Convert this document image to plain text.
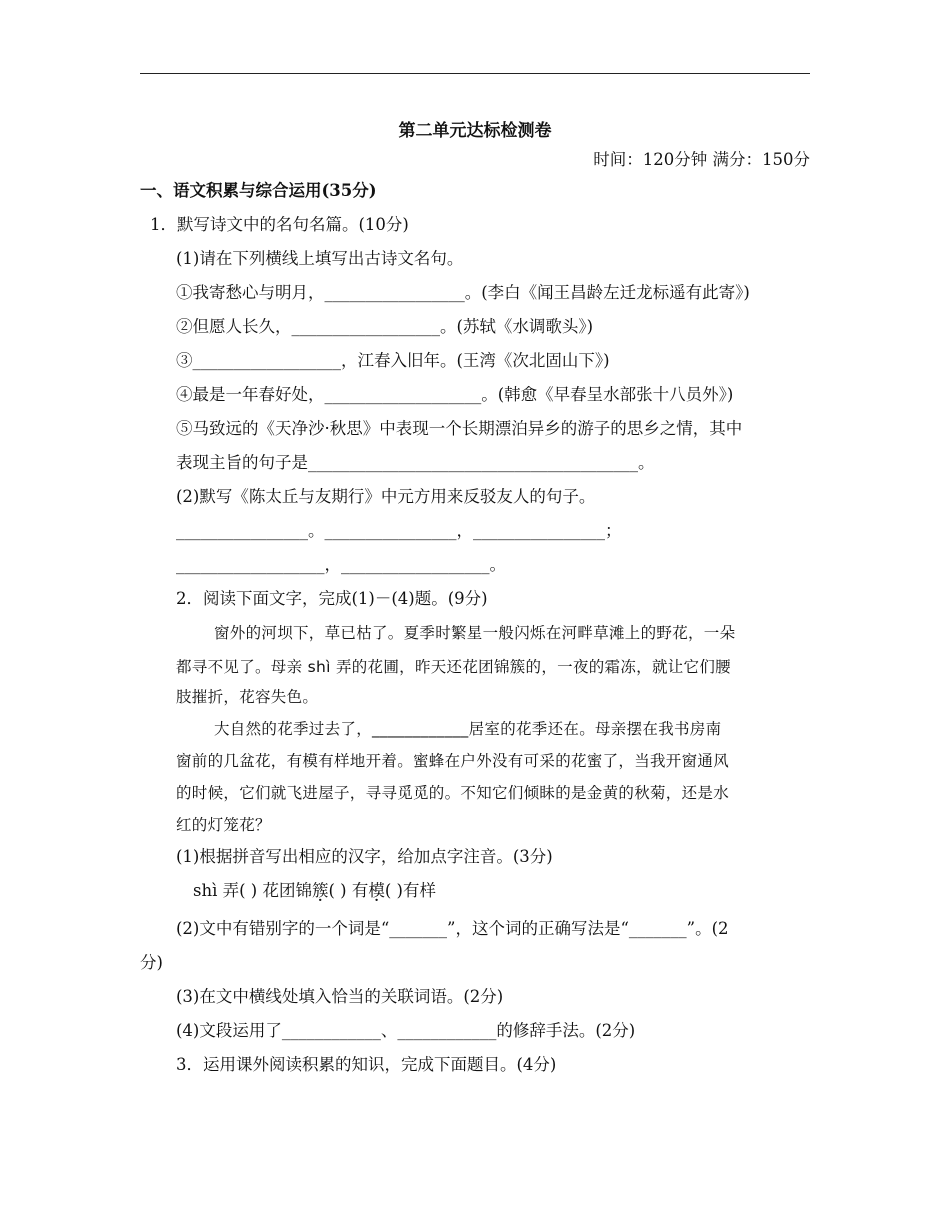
第二单元达标检测卷
时间：120分钟 满分：150分
一、语文积累与综合运用(35分)
1．默写诗文中的名句名篇。(10分)
(1)请在下列横线上填写出古诗文名句。
①我寄愁心与明月，_________________。(李白《闻王昌龄左迁龙标遥有此寄》)
②但愿人长久，__________________。(苏轼《水调歌头》)
③__________________，江春入旧年。(王湾《次北固山下》)
④最是一年春好处，___________________。(韩愈《早春呈水部张十八员外》)
⑤马致远的《天净沙·秋思》中表现一个长期漂泊异乡的游子的思乡之情，其中
表现主旨的句子是________________________________________。
(2)默写《陈太丘与友期行》中元方用来反驳友人的句子。
________________。________________，________________；
__________________，__________________。
2．阅读下面文字，完成(1)－(4)题。(9分)
窗外的河坝下，草已枯了。夏季时繁星一般闪烁在河畔草滩上的野花，一朵
都寻不见了。母亲 shì 弄的花圃，昨天还花团锦簇的，一夜的霜冻，就让它们腰
肢摧折，花容失色。
大自然的花季过去了，____________居室的花季还在。母亲摆在我书房南
窗前的几盆花，有模有样地开着。蜜蜂在户外没有可采的花蜜了，当我开窗通风
的时候，它们就飞进屋子，寻寻觅觅的。不知它们倾眛的是金黄的秋菊，还是水
红的灯笼花？
(1)根据拼音写出相应的汉字，给加点字注音。(3分)
shì 弄( ) 花团锦簇( ) 有模( )有样
(2)文中有错别字的一个词是“_______”，这个词的正确写法是“_______”。(2
分)
(3)在文中横线处填入恰当的关联词语。(2分)
(4)文段运用了____________、____________的修辞手法。(2分)
3．运用课外阅读积累的知识，完成下面题目。(4分)
